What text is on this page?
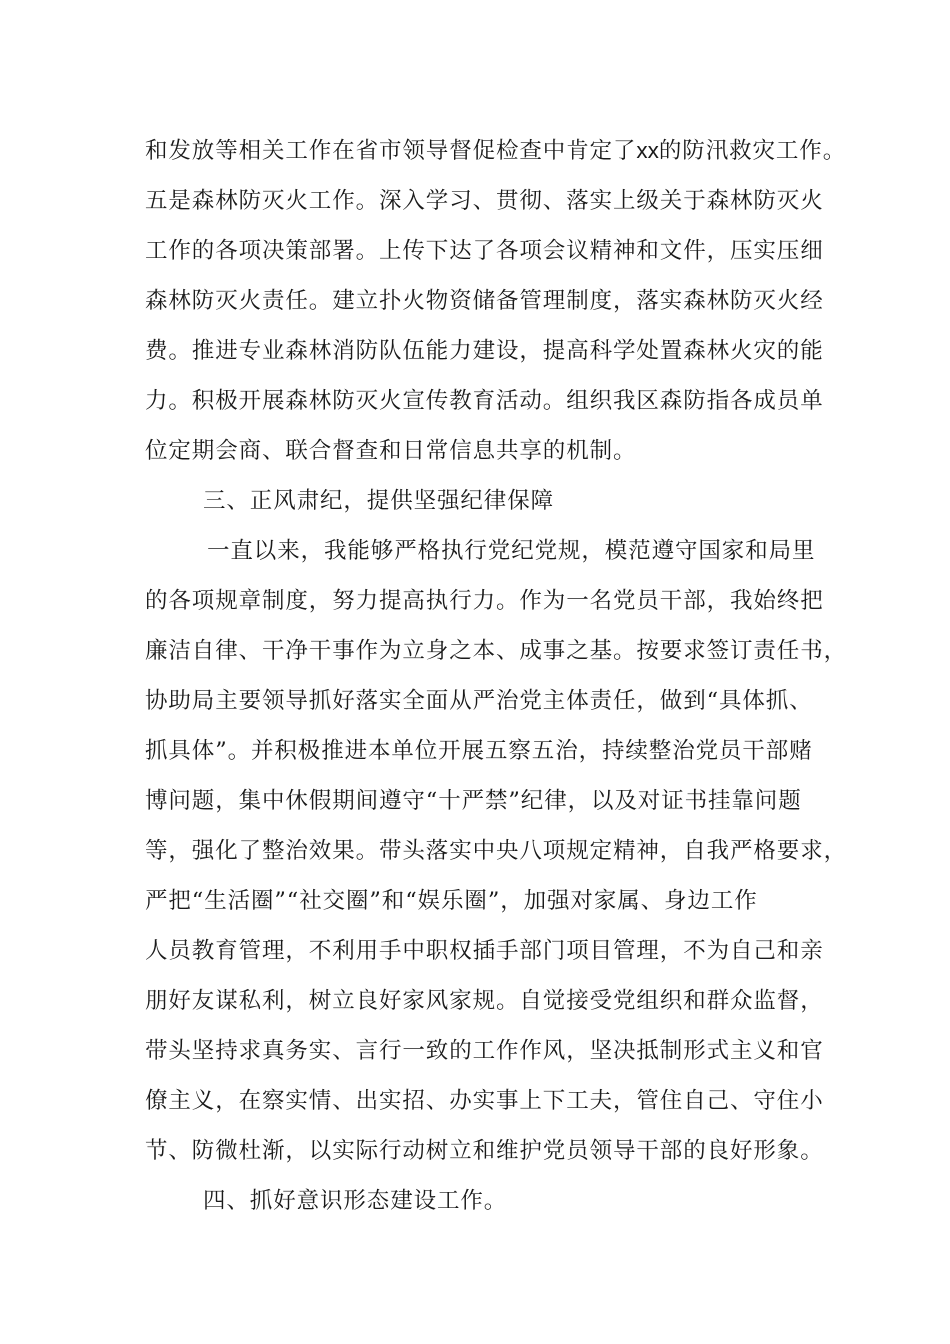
和发放等相关工作在省市领导督促检查中肯定了xx的防汛救灾工作。
五是森林防灭火工作。深入学习、贯彻、落实上级关于森林防灭火
工作的各项决策部署。上传下达了各项会议精神和文件，压实压细
森林防灭火责任。建立扑火物资储备管理制度，落实森林防灭火经
费。推进专业森林消防队伍能力建设，提高科学处置森林火灾的能
力。积极开展森林防灭火宣传教育活动。组织我区森防指各成员单
位定期会商、联合督查和日常信息共享的机制。
三、正风肃纪，提供坚强纪律保障
一直以来，我能够严格执行党纪党规，模范遵守国家和局里
的各项规章制度，努力提高执行力。作为一名党员干部，我始终把
廉洁自律、干净干事作为立身之本、成事之基。按要求签订责任书，
协助局主要领导抓好落实全面从严治党主体责任，做到“具体抓、
抓具体”。并积极推进本单位开展五察五治，持续整治党员干部赌
博问题，集中休假期间遵守“十严禁”纪律，以及对证书挂靠问题
等，强化了整治效果。带头落实中央八项规定精神，自我严格要求，
严把“生活圈”“社交圈”和“娱乐圈”，加强对家属、身边工作
人员教育管理，不利用手中职权插手部门项目管理，不为自己和亲
朋好友谋私利，树立良好家风家规。自觉接受党组织和群众监督，
带头坚持求真务实、言行一致的工作作风，坚决抵制形式主义和官
僚主义，在察实情、出实招、办实事上下工夫，管住自己、守住小
节、防微杜渐，以实际行动树立和维护党员领导干部的良好形象。
四、抓好意识形态建设工作。
